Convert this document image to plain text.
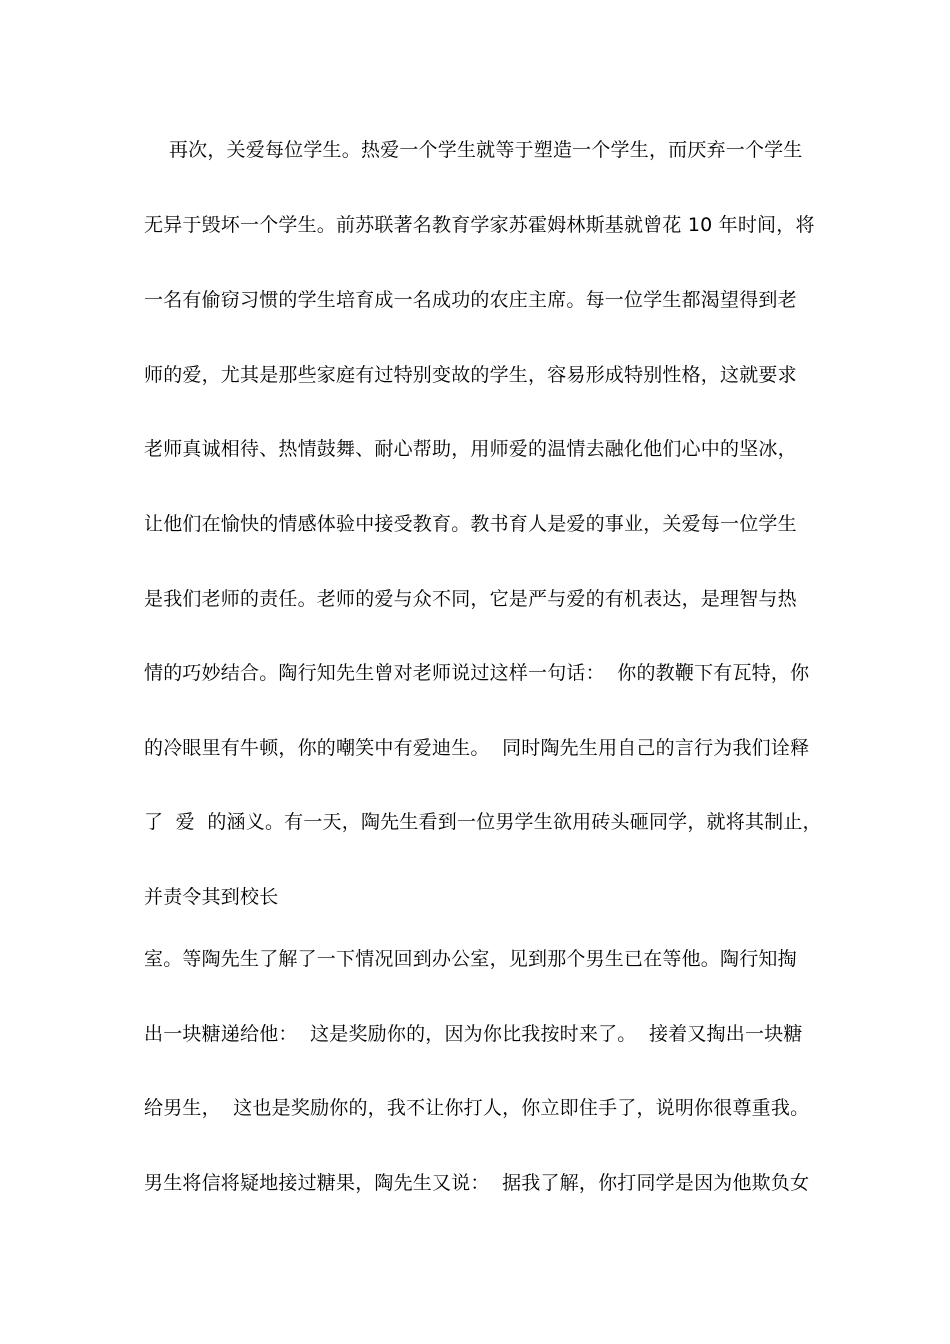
再次，关爱每位学生。热爱一个学生就等于塑造一个学生，而厌弃一个学生
无异于毁坏一个学生。前苏联著名教育学家苏霍姆林斯基就曾花 10 年时间，将
一名有偷窃习惯的学生培育成一名成功的农庄主席。每一位学生都渴望得到老
师的爱，尤其是那些家庭有过特别变故的学生，容易形成特别性格，这就要求
老师真诚相待、热情鼓舞、耐心帮助，用师爱的温情去融化他们心中的坚冰，
让他们在愉快的情感体验中接受教育。教书育人是爱的事业，关爱每一位学生
是我们老师的责任。老师的爱与众不同，它是严与爱的有机表达，是理智与热
情的巧妙结合。陶行知先生曾对老师说过这样一句话：  你的教鞭下有瓦特，你
的冷眼里有牛顿，你的嘲笑中有爱迪生。  同时陶先生用自己的言行为我们诠释
了  爱  的涵义。有一天，陶先生看到一位男学生欲用砖头砸同学，就将其制止，
并责令其到校长
室。等陶先生了解了一下情况回到办公室，见到那个男生已在等他。陶行知掏
出一块糖递给他：  这是奖励你的，因为你比我按时来了。  接着又掏出一块糖
给男生，  这也是奖励你的，我不让你打人，你立即住手了，说明你很尊重我。
男生将信将疑地接过糖果，陶先生又说：  据我了解，你打同学是因为他欺负女
